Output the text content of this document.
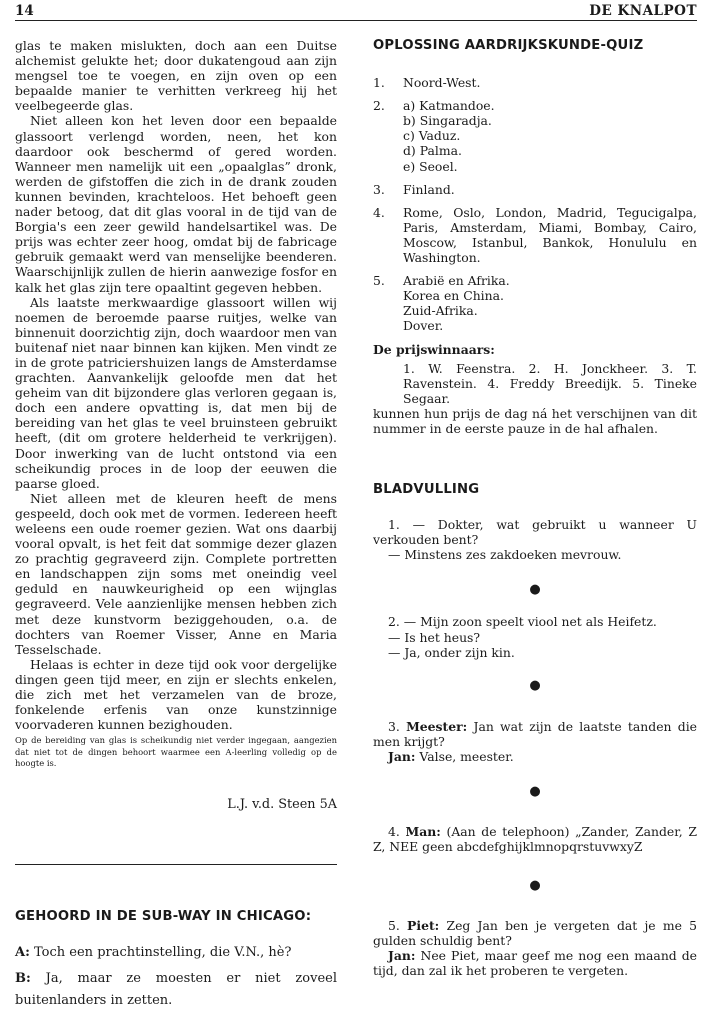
14	DE KNALPOT

glas te maken mislukten, doch aan een Duitse alchemist gelukte het; door dukatengoud aan zijn mengsel toe te voegen, en zijn oven op een bepaalde manier te verhitten verkreeg hij het veelbegeerde glas.

Niet alleen kon het leven door een bepaalde glassoort verlengd worden, neen, het kon daardoor ook beschermd of gered worden. Wanneer men namelijk uit een „opaalglas” dronk, werden de gifstoffen die zich in de drank zouden kunnen bevinden, krachteloos. Het behoeft geen nader betoog, dat dit glas vooral in de tijd van de Borgia's een zeer gewild handelsartikel was. De prijs was echter zeer hoog, omdat bij de fabricage gebruik gemaakt werd van menselijke beenderen. Waarschijnlijk zullen de hierin aanwezige fosfor en kalk het glas zijn tere opaaltint gegeven hebben.

Als laatste merkwaardige glassoort willen wij noemen de beroemde paarse ruitjes, welke van binnenuit doorzichtig zijn, doch waardoor men van buitenaf niet naar binnen kan kijken. Men vindt ze in de grote patriciershuizen langs de Amsterdamse grachten. Aanvankelijk geloofde men dat het geheim van dit bijzondere glas verloren gegaan is, doch een andere opvatting is, dat men bij de bereiding van het glas te veel bruinsteen gebruikt heeft, (dit om grotere helderheid te verkrijgen). Door inwerking van de lucht ontstond via een scheikundig proces in de loop der eeuwen die paarse gloed.

Niet alleen met de kleuren heeft de mens gespeeld, doch ook met de vormen. Iedereen heeft weleens een oude roemer gezien. Wat ons daarbij vooral opvalt, is het feit dat sommige dezer glazen zo prachtig gegraveerd zijn. Complete portretten en landschappen zijn soms met oneindig veel geduld en nauwkeurigheid op een wijnglas gegraveerd. Vele aanzienlijke mensen hebben zich met deze kunstvorm beziggehouden, o.a. de dochters van Roemer Visser, Anne en Maria Tesselschade.

Helaas is echter in deze tijd ook voor dergelijke dingen geen tijd meer, en zijn er slechts enkelen, die zich met het verzamelen van de broze, fonkelende erfenis van onze kunstzinnige voorvaderen kunnen bezighouden.

Op de bereiding van glas is scheikundig niet verder ingegaan, aangezien dat niet tot de dingen behoort waarmee een A-leerling volledig op de hoogte is.

L.J. v.d. Steen 5A
GEHOORD IN DE SUB-WAY IN CHICAGO:

A: Toch een prachtinstelling, die V.N., hè?

B: Ja, maar ze moesten er niet zoveel buitenlanders in zetten.

OPLOSSING AARDRIJKSKUNDE-QUIZ
1.	Noord-West.
2.	a) Katmandoe.
b) Singaradja.
c) Vaduz.
d) Palma.
e) Seoel.
3.	Finland.
4.	Rome, Oslo, London, Madrid, Tegucigalpa, Paris, Amsterdam, Miami, Bombay, Cairo, Moscow, Istanbul, Bankok, Honululu en Washington.
5.	Arabië en Afrika.
Korea en China.
Zuid-Afrika.
Dover.
De prijswinnaars:
1. W. Feenstra. 2. H. Jonckheer. 3. T. Ravenstein. 4. Freddy Breedijk. 5. Tineke Segaar.

kunnen hun prijs de dag ná het verschijnen van dit nummer in de eerste pauze in de hal afhalen.

BLADVULLING

1. — Dokter, wat gebruikt u wanneer U verkouden bent?

— Minstens zes zakdoeken mevrouw.

●

2. — Mijn zoon speelt viool net als Heifetz.

— Is het heus?

— Ja, onder zijn kin.

●

3. Meester: Jan wat zijn de laatste tanden die men krijgt?

Jan: Valse, meester.

●

4. Man: (Aan de telephoon) „Zander, Zander, Z Z, NEE geen abcdefghijklmnopqrstuvwxyZ

●

5. Piet: Zeg Jan ben je vergeten dat je me 5 gulden schuldig bent?

Jan: Nee Piet, maar geef me nog een maand de tijd, dan zal ik het proberen te vergeten.
